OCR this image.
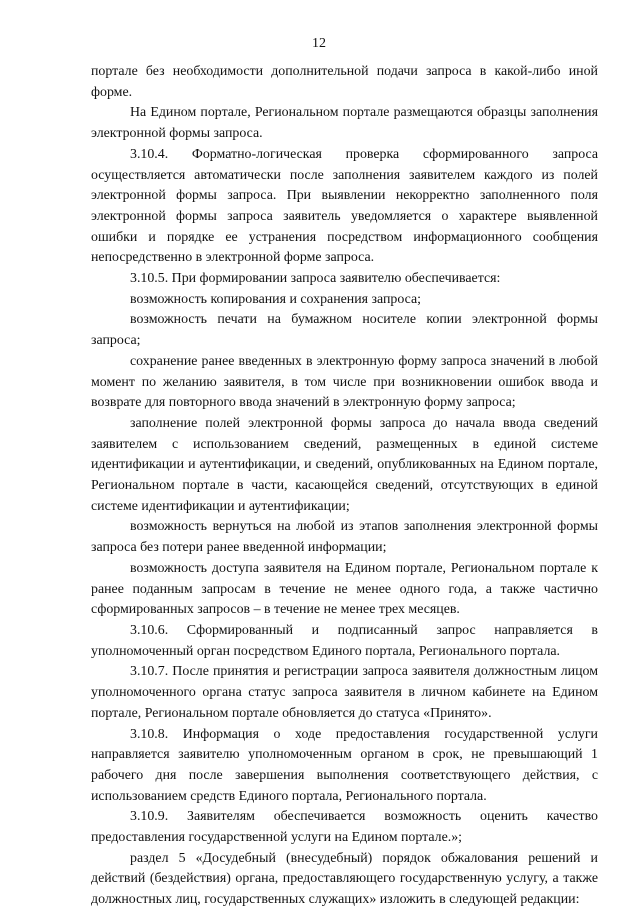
12

портале без необходимости дополнительной подачи запроса в какой-либо иной форме.

На Едином портале, Региональном портале размещаются образцы заполнения электронной формы запроса.

3.10.4. Форматно-логическая проверка сформированного запроса осуществляется автоматически после заполнения заявителем каждого из полей электронной формы запроса. При выявлении некорректно заполненного поля электронной формы запроса заявитель уведомляется о характере выявленной ошибки и порядке ее устранения посредством информационного сообщения непосредственно в электронной форме запроса.

3.10.5. При формировании запроса заявителю обеспечивается:

возможность копирования и сохранения запроса;

возможность печати на бумажном носителе копии электронной формы запроса;

сохранение ранее введенных в электронную форму запроса значений в любой момент по желанию заявителя, в том числе при возникновении ошибок ввода и возврате для повторного ввода значений в электронную форму запроса;

заполнение полей электронной формы запроса до начала ввода сведений заявителем с использованием сведений, размещенных в единой системе идентификации и аутентификации, и сведений, опубликованных на Едином портале, Региональном портале в части, касающейся сведений, отсутствующих в единой системе идентификации и аутентификации;

возможность вернуться на любой из этапов заполнения электронной формы запроса без потери ранее введенной информации;

возможность доступа заявителя на Едином портале, Региональном портале к ранее поданным запросам в течение не менее одного года, а также частично сформированных запросов – в течение не менее трех месяцев.

3.10.6. Сформированный и подписанный запрос направляется в уполномоченный орган посредством Единого портала, Регионального портала.

3.10.7. После принятия и регистрации запроса заявителя должностным лицом уполномоченного органа статус запроса заявителя в личном кабинете на Едином портале, Региональном портале обновляется до статуса «Принято».

3.10.8. Информация о ходе предоставления государственной услуги направляется заявителю уполномоченным органом в срок, не превышающий 1 рабочего дня после завершения выполнения соответствующего действия, с использованием средств Единого портала, Регионального портала.

3.10.9. Заявителям обеспечивается возможность оценить качество предоставления государственной услуги на Едином портале.»;

раздел 5 «Досудебный (внесудебный) порядок обжалования решений и действий (бездействия) органа, предоставляющего государственную услугу, а также должностных лиц, государственных служащих» изложить в следующей редакции:
